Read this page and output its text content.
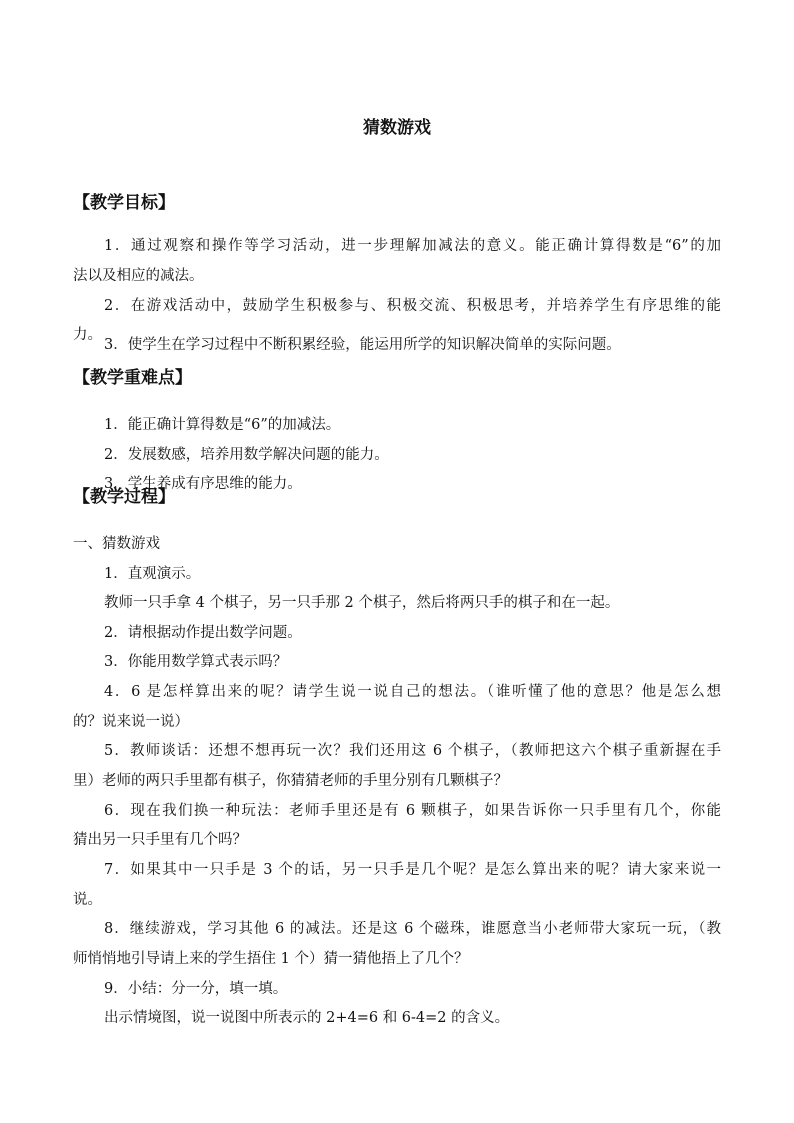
猜数游戏
【教学目标】
1．通过观察和操作等学习活动，进一步理解加减法的意义。能正确计算得数是“6”的加
法以及相应的减法。
2．在游戏活动中，鼓励学生积极参与、积极交流、积极思考，并培养学生有序思维的能
力。
3．使学生在学习过程中不断积累经验，能运用所学的知识解决简单的实际问题。
【教学重难点】
1．能正确计算得数是“6”的加减法。
2．发展数感，培养用数学解决问题的能力。
3．学生养成有序思维的能力。
【教学过程】
一、猜数游戏
1．直观演示。
教师一只手拿 4 个棋子，另一只手那 2 个棋子，然后将两只手的棋子和在一起。
2．请根据动作提出数学问题。
3．你能用数学算式表示吗？
4．6 是怎样算出来的呢？请学生说一说自己的想法。（谁听懂了他的意思？他是怎么想
的？说来说一说）
5．教师谈话：还想不想再玩一次？我们还用这 6 个棋子，（教师把这六个棋子重新握在手
里）老师的两只手里都有棋子，你猜猜老师的手里分别有几颗棋子？
6．现在我们换一种玩法：老师手里还是有 6 颗棋子，如果告诉你一只手里有几个，你能
猜出另一只手里有几个吗？
7．如果其中一只手是 3 个的话，另一只手是几个呢？是怎么算出来的呢？请大家来说一
说。
8．继续游戏，学习其他 6 的减法。还是这 6 个磁珠，谁愿意当小老师带大家玩一玩，（教
师悄悄地引导请上来的学生捂住 1 个）猜一猜他捂上了几个？
9．小结：分一分，填一填。
出示情境图，说一说图中所表示的 2+4=6 和 6-4=2 的含义。
